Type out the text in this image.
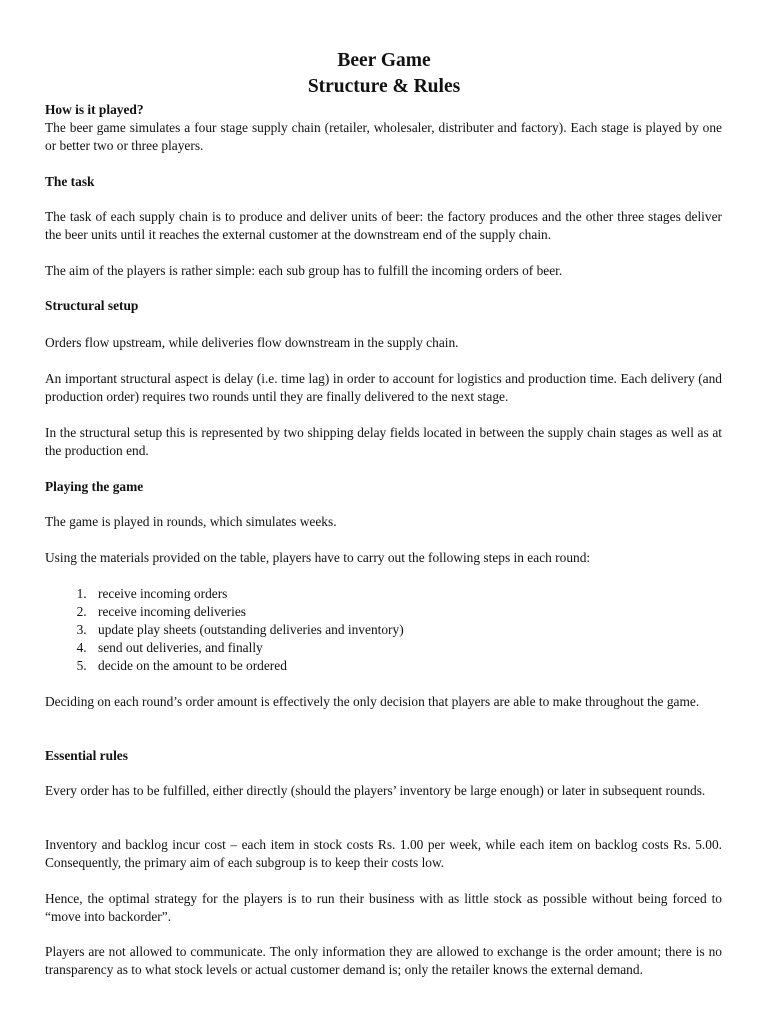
Beer Game
Structure & Rules

How is it played?

The beer game simulates a four stage supply chain (retailer, wholesaler, distributer and factory). Each stage is played by one or better two or three players.

The task

The task of each supply chain is to produce and deliver units of beer: the factory produces and the other three stages deliver the beer units until it reaches the external customer at the downstream end of the supply chain.

The aim of the players is rather simple: each sub group has to fulfill the incoming orders of beer.

Structural setup

Orders flow upstream, while deliveries flow downstream in the supply chain.

An important structural aspect is delay (i.e. time lag) in order to account for logistics and production time. Each delivery (and production order) requires two rounds until they are finally delivered to the next stage.

In the structural setup this is represented by two shipping delay fields located in between the supply chain stages as well as at the production end.

Playing the game

The game is played in rounds, which simulates weeks.

Using the materials provided on the table, players have to carry out the following steps in each round:

1. receive incoming orders
2. receive incoming deliveries
3. update play sheets (outstanding deliveries and inventory)
4. send out deliveries, and finally
5. decide on the amount to be ordered

Deciding on each round’s order amount is effectively the only decision that players are able to make throughout the game.

Essential rules

Every order has to be fulfilled, either directly (should the players’ inventory be large enough) or later in subsequent rounds.

Inventory and backlog incur cost – each item in stock costs Rs. 1.00 per week, while each item on backlog costs Rs. 5.00. Consequently, the primary aim of each subgroup is to keep their costs low.

Hence, the optimal strategy for the players is to run their business with as little stock as possible without being forced to “move into backorder”.

Players are not allowed to communicate. The only information they are allowed to exchange is the order amount; there is no transparency as to what stock levels or actual customer demand is; only the retailer knows the external demand.
